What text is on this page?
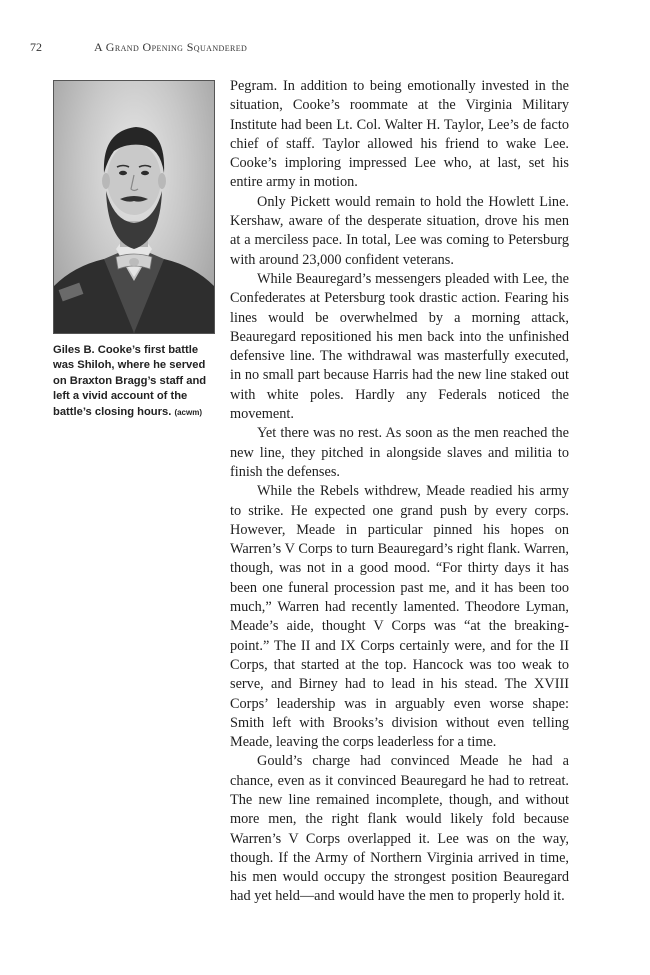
72	A Grand Opening Squandered
Giles B. Cooke’s first battle was Shiloh, where he served on Braxton Bragg’s staff and left a vivid account of the battle’s closing hours. (acwm)

Pegram. In addition to being emotionally invested in the situation, Cooke’s roommate at the Virginia Military Institute had been Lt. Col. Walter H. Taylor, Lee’s de facto chief of staff. Taylor allowed his friend to wake Lee. Cooke’s imploring impressed Lee who, at last, set his entire army in motion.

Only Pickett would remain to hold the Howlett Line. Kershaw, aware of the desperate situation, drove his men at a merciless pace. In total, Lee was coming to Petersburg with around 23,000 confident veterans.

While Beauregard’s messengers pleaded with Lee, the Confederates at Petersburg took drastic action. Fearing his lines would be overwhelmed by a morning attack, Beauregard repositioned his men back into the unfinished defensive line. The withdrawal was masterfully executed, in no small part because Harris had the new line staked out with white poles. Hardly any Federals noticed the movement.

Yet there was no rest. As soon as the men reached the new line, they pitched in alongside slaves and militia to finish the defenses.

While the Rebels withdrew, Meade readied his army to strike. He expected one grand push by every corps. However, Meade in particular pinned his hopes on Warren’s V Corps to turn Beauregard’s right flank. Warren, though, was not in a good mood. “For thirty days it has been one funeral procession past me, and it has been too much,” Warren had recently lamented. Theodore Lyman, Meade’s aide, thought V Corps was “at the breaking-point.” The II and IX Corps certainly were, and for the II Corps, that started at the top. Hancock was too weak to serve, and Birney had to lead in his stead. The XVIII Corps’ leadership was in arguably even worse shape: Smith left with Brooks’s division without even telling Meade, leaving the corps leaderless for a time.

Gould’s charge had convinced Meade he had a chance, even as it convinced Beauregard he had to retreat. The new line remained incomplete, though, and without more men, the right flank would likely fold because Warren’s V Corps overlapped it. Lee was on the way, though. If the Army of Northern Virginia arrived in time, his men would occupy the strongest position Beauregard had yet held—and would have the men to properly hold it.
